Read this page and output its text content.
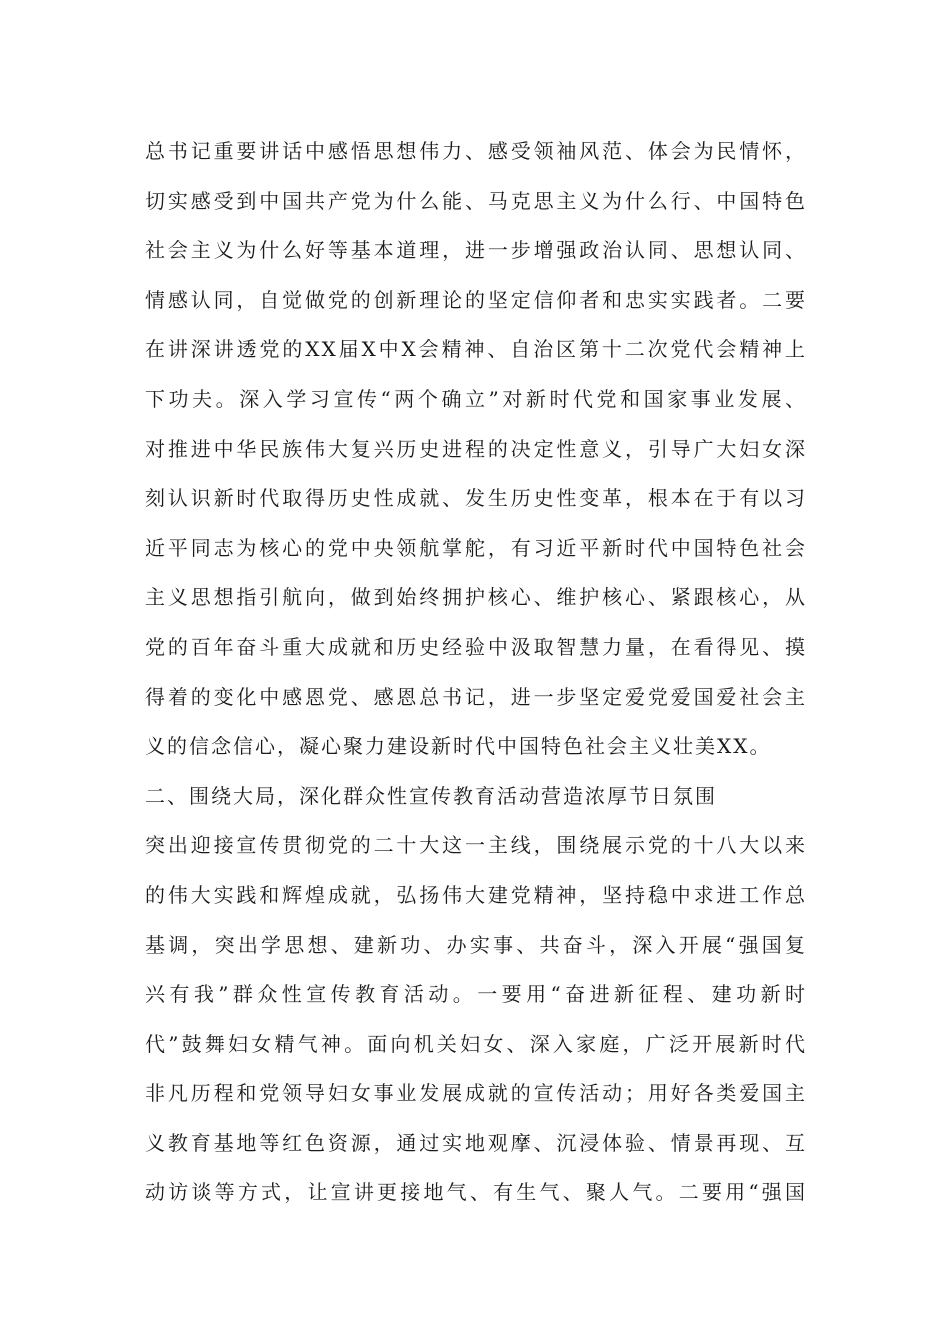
总书记重要讲话中感悟思想伟力、感受领袖风范、体会为民情怀，
切实感受到中国共产党为什么能、马克思主义为什么行、中国特色
社会主义为什么好等基本道理，进一步增强政治认同、思想认同、
情感认同，自觉做党的创新理论的坚定信仰者和忠实实践者。二要
在讲深讲透党的XX届X中X会精神、自治区第十二次党代会精神上
下功夫。深入学习宣传“两个确立”对新时代党和国家事业发展、
对推进中华民族伟大复兴历史进程的决定性意义，引导广大妇女深
刻认识新时代取得历史性成就、发生历史性变革，根本在于有以习
近平同志为核心的党中央领航掌舵，有习近平新时代中国特色社会
主义思想指引航向，做到始终拥护核心、维护核心、紧跟核心，从
党的百年奋斗重大成就和历史经验中汲取智慧力量，在看得见、摸
得着的变化中感恩党、感恩总书记，进一步坚定爱党爱国爱社会主
义的信念信心，凝心聚力建设新时代中国特色社会主义壮美XX。
二、围绕大局，深化群众性宣传教育活动营造浓厚节日氛围
突出迎接宣传贯彻党的二十大这一主线，围绕展示党的十八大以来
的伟大实践和辉煌成就，弘扬伟大建党精神，坚持稳中求进工作总
基调，突出学思想、建新功、办实事、共奋斗，深入开展“强国复
兴有我”群众性宣传教育活动。一要用“奋进新征程、建功新时
代”鼓舞妇女精气神。面向机关妇女、深入家庭，广泛开展新时代
非凡历程和党领导妇女事业发展成就的宣传活动；用好各类爱国主
义教育基地等红色资源，通过实地观摩、沉浸体验、情景再现、互
动访谈等方式，让宣讲更接地气、有生气、聚人气。二要用“强国
